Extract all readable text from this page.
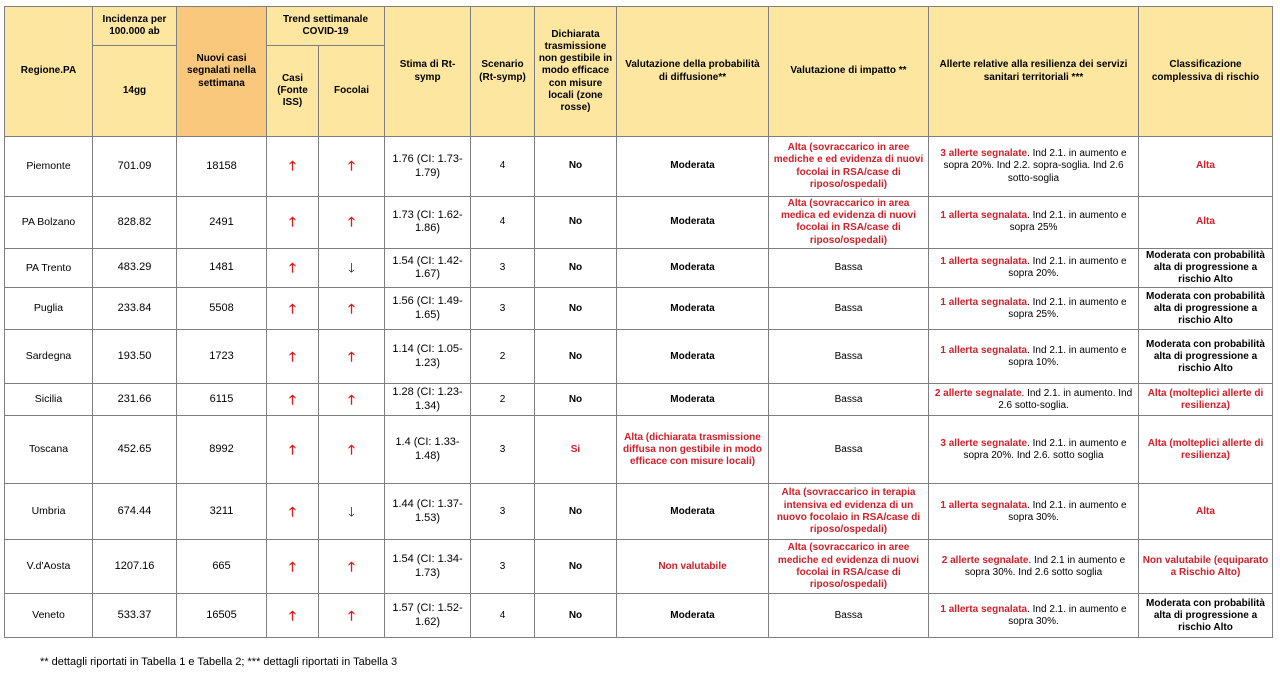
Regione.PA	Incidenza per 100.000 ab	Nuovi casi segnalati nella settimana	Trend settimanale COVID-19		Stima di Rt-symp	Scenario (Rt-symp)	Dichiarata trasmissione non gestibile in modo efficace con misure locali (zone rosse)	Valutazione della probabilità di diffusione**	Valutazione di impatto **	Allerte relative alla resilienza dei servizi sanitari territoriali ***	Classificazione complessiva di rischio
	14gg		Casi (Fonte ISS)	Focolai							

Piemonte	701.09	18158	🡑	🡑	1.76 (CI: 1.73-1.79)	4	No	Moderata	Alta (sovraccarico in aree mediche e ed evidenza di nuovi focolai in RSA/case di riposo/ospedali)	3 allerte segnalate. Ind 2.1. in aumento e sopra 20%. Ind 2.2. sopra-soglia. Ind 2.6 sotto-soglia	Alta
PA Bolzano	828.82	2491	🡑	🡑	1.73 (CI: 1.62-1.86)	4	No	Moderata	Alta (sovraccarico in area medica ed evidenza di nuovi focolai in RSA/case di riposo/ospedali)	1 allerta segnalata. Ind 2.1. in aumento e sopra 25%	Alta
PA Trento	483.29	1481	🡑	🡓	1.54 (CI: 1.42-1.67)	3	No	Moderata	Bassa	1 allerta segnalata. Ind 2.1. in aumento e sopra 20%.	Moderata con probabilità alta di progressione a rischio Alto
Puglia	233.84	5508	🡑	🡑	1.56 (CI: 1.49-1.65)	3	No	Moderata	Bassa	1 allerta segnalata. Ind 2.1. in aumento e sopra 25%.	Moderata con probabilità alta di progressione a rischio Alto
Sardegna	193.50	1723	🡑	🡑	1.14 (CI: 1.05-1.23)	2	No	Moderata	Bassa	1 allerta segnalata. Ind 2.1. in aumento e sopra 10%.	Moderata con probabilità alta di progressione a rischio Alto
Sicilia	231.66	6115	🡑	🡑	1.28 (CI: 1.23-1.34)	2	No	Moderata	Bassa	2 allerte segnalate. Ind 2.1. in aumento. Ind 2.6 sotto-soglia.	Alta (molteplici allerte di resilienza)
Toscana	452.65	8992	🡑	🡑	1.4 (CI: 1.33-1.48)	3	Si	Alta (dichiarata trasmissione diffusa non gestibile in modo efficace con misure locali)	Bassa	3 allerte segnalate. Ind 2.1. in aumento e sopra 20%. Ind 2.6. sotto soglia	Alta (molteplici allerte di resilienza)
Umbria	674.44	3211	🡑	🡓	1.44 (CI: 1.37-1.53)	3	No	Moderata	Alta (sovraccarico in terapia intensiva ed evidenza di un nuovo focolaio in RSA/case di riposo/ospedali)	1 allerta segnalata. Ind 2.1. in aumento e sopra 30%.	Alta
V.d'Aosta	1207.16	665	🡑	🡑	1.54 (CI: 1.34-1.73)	3	No	Non valutabile	Alta (sovraccarico in aree mediche ed evidenza di nuovi focolai in RSA/case di riposo/ospedali)	2 allerte segnalate. Ind 2.1 in aumento e sopra 30%. Ind 2.6 sotto soglia	Non valutabile (equiparato a Rischio Alto)
Veneto	533.37	16505	🡑	🡑	1.57 (CI: 1.52-1.62)	4	No	Moderata	Bassa	1 allerta segnalata. Ind 2.1. in aumento e sopra 30%.	Moderata con probabilità alta di progressione a rischio Alto
** dettagli riportati in Tabella 1 e Tabella 2; *** dettagli riportati in Tabella 3
